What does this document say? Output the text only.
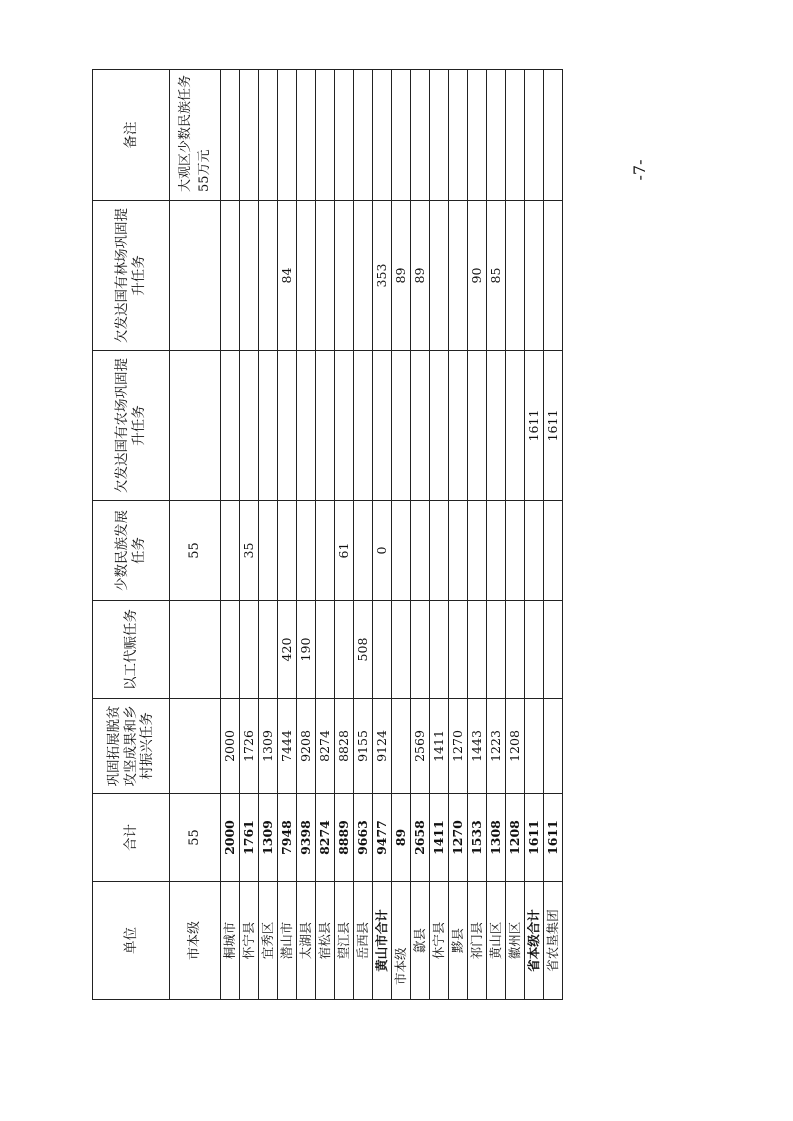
单位	合计	巩固拓展脱贫攻坚成果和乡村振兴任务	以工代赈任务	少数民族发展任务	欠发达国有农场巩固提升任务	欠发达国有林场巩固提升任务	备注
市本级	55			55			大观区少数民族任务55万元
桐城市	2000	2000					
怀宁县	1761	1726		35			
宜秀区	1309	1309					
潜山市	7948	7444	420			84	
太湖县	9398	9208	190				
宿松县	8274	8274					
望江县	8889	8828		61			
岳西县	9663	9155	508				
黄山市合计	9477	9124		0		353	
市本级	89					89	
歙县	2658	2569				89	
休宁县	1411	1411					
黟县	1270	1270					
祁门县	1533	1443				90	
黄山区	1308	1223				85	
徽州区	1208	1208					
省本级合计	1611				1611		
省农垦集团	1611				1611		
-7-
